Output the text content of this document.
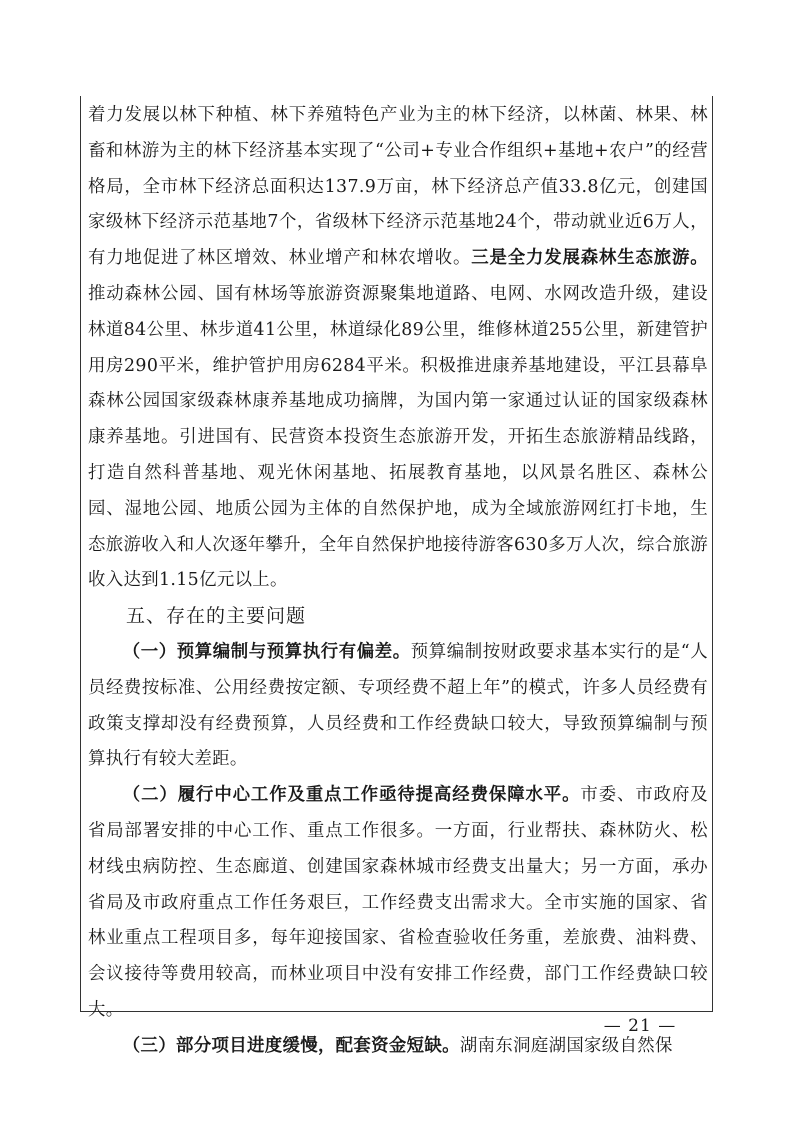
着力发展以林下种植、林下养殖特色产业为主的林下经济，以林菌、林果、林畜和林游为主的林下经济基本实现了“公司+专业合作组织+基地+农户”的经营格局，全市林下经济总面积达137.9万亩，林下经济总产值33.8亿元，创建国家级林下经济示范基地7个，省级林下经济示范基地24个，带动就业近6万人，有力地促进了林区增效、林业增产和林农增收。三是全力发展森林生态旅游。推动森林公园、国有林场等旅游资源聚集地道路、电网、水网改造升级，建设林道84公里、林步道41公里，林道绿化89公里，维修林道255公里，新建管护用房290平米，维护管护用房6284平米。积极推进康养基地建设，平江县幕阜森林公园国家级森林康养基地成功摘牌，为国内第一家通过认证的国家级森林康养基地。引进国有、民营资本投资生态旅游开发，开拓生态旅游精品线路，打造自然科普基地、观光休闲基地、拓展教育基地，以风景名胜区、森林公园、湿地公园、地质公园为主体的自然保护地，成为全域旅游网红打卡地，生态旅游收入和人次逐年攀升，全年自然保护地接待游客630多万人次，综合旅游收入达到1.15亿元以上。

五、存在的主要问题

（一）预算编制与预算执行有偏差。预算编制按财政要求基本实行的是“人员经费按标准、公用经费按定额、专项经费不超上年”的模式，许多人员经费有政策支撑却没有经费预算，人员经费和工作经费缺口较大，导致预算编制与预算执行有较大差距。

（二）履行中心工作及重点工作亟待提高经费保障水平。市委、市政府及省局部署安排的中心工作、重点工作很多。一方面，行业帮扶、森林防火、松材线虫病防控、生态廊道、创建国家森林城市经费支出量大；另一方面，承办省局及市政府重点工作任务艰巨，工作经费支出需求大。全市实施的国家、省林业重点工程项目多，每年迎接国家、省检查验收任务重，差旅费、油料费、会议接待等费用较高，而林业项目中没有安排工作经费，部门工作经费缺口较大。

（三）部分项目进度缓慢，配套资金短缺。湖南东洞庭湖国家级自然保

— 21 —
